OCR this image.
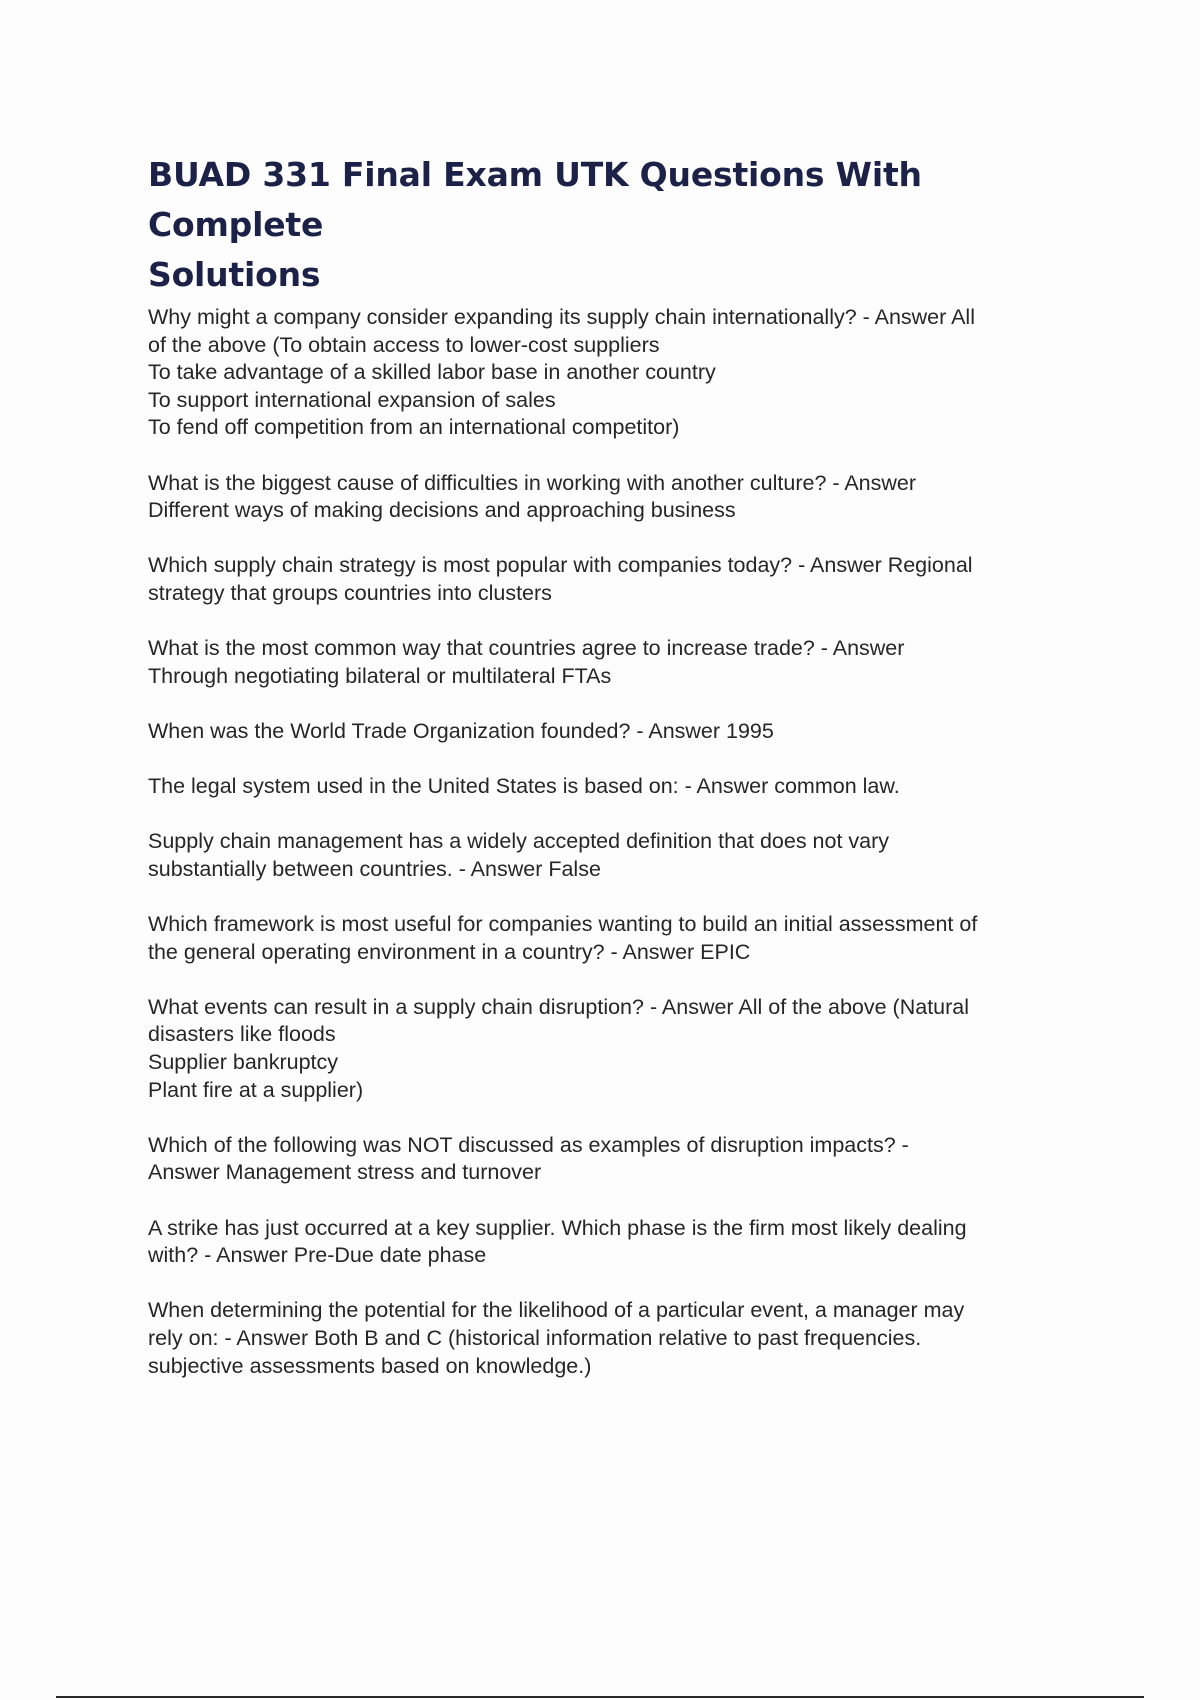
BUAD 331 Final Exam UTK Questions With Complete
Solutions
Why might a company consider expanding its supply chain internationally? - Answer All
of the above (To obtain access to lower-cost suppliers
To take advantage of a skilled labor base in another country
To support international expansion of sales
To fend off competition from an international competitor)
What is the biggest cause of difficulties in working with another culture? - Answer
Different ways of making decisions and approaching business
Which supply chain strategy is most popular with companies today? - Answer Regional
strategy that groups countries into clusters
What is the most common way that countries agree to increase trade? - Answer
Through negotiating bilateral or multilateral FTAs
When was the World Trade Organization founded? - Answer 1995
The legal system used in the United States is based on: - Answer common law.
Supply chain management has a widely accepted definition that does not vary
substantially between countries. - Answer False
Which framework is most useful for companies wanting to build an initial assessment of
the general operating environment in a country? - Answer EPIC
What events can result in a supply chain disruption? - Answer All of the above (Natural
disasters like floods
Supplier bankruptcy
Plant fire at a supplier)
Which of the following was NOT discussed as examples of disruption impacts? -
Answer Management stress and turnover
A strike has just occurred at a key supplier. Which phase is the firm most likely dealing
with? - Answer Pre-Due date phase
When determining the potential for the likelihood of a particular event, a manager may
rely on: - Answer Both B and C (historical information relative to past frequencies.
subjective assessments based on knowledge.)
